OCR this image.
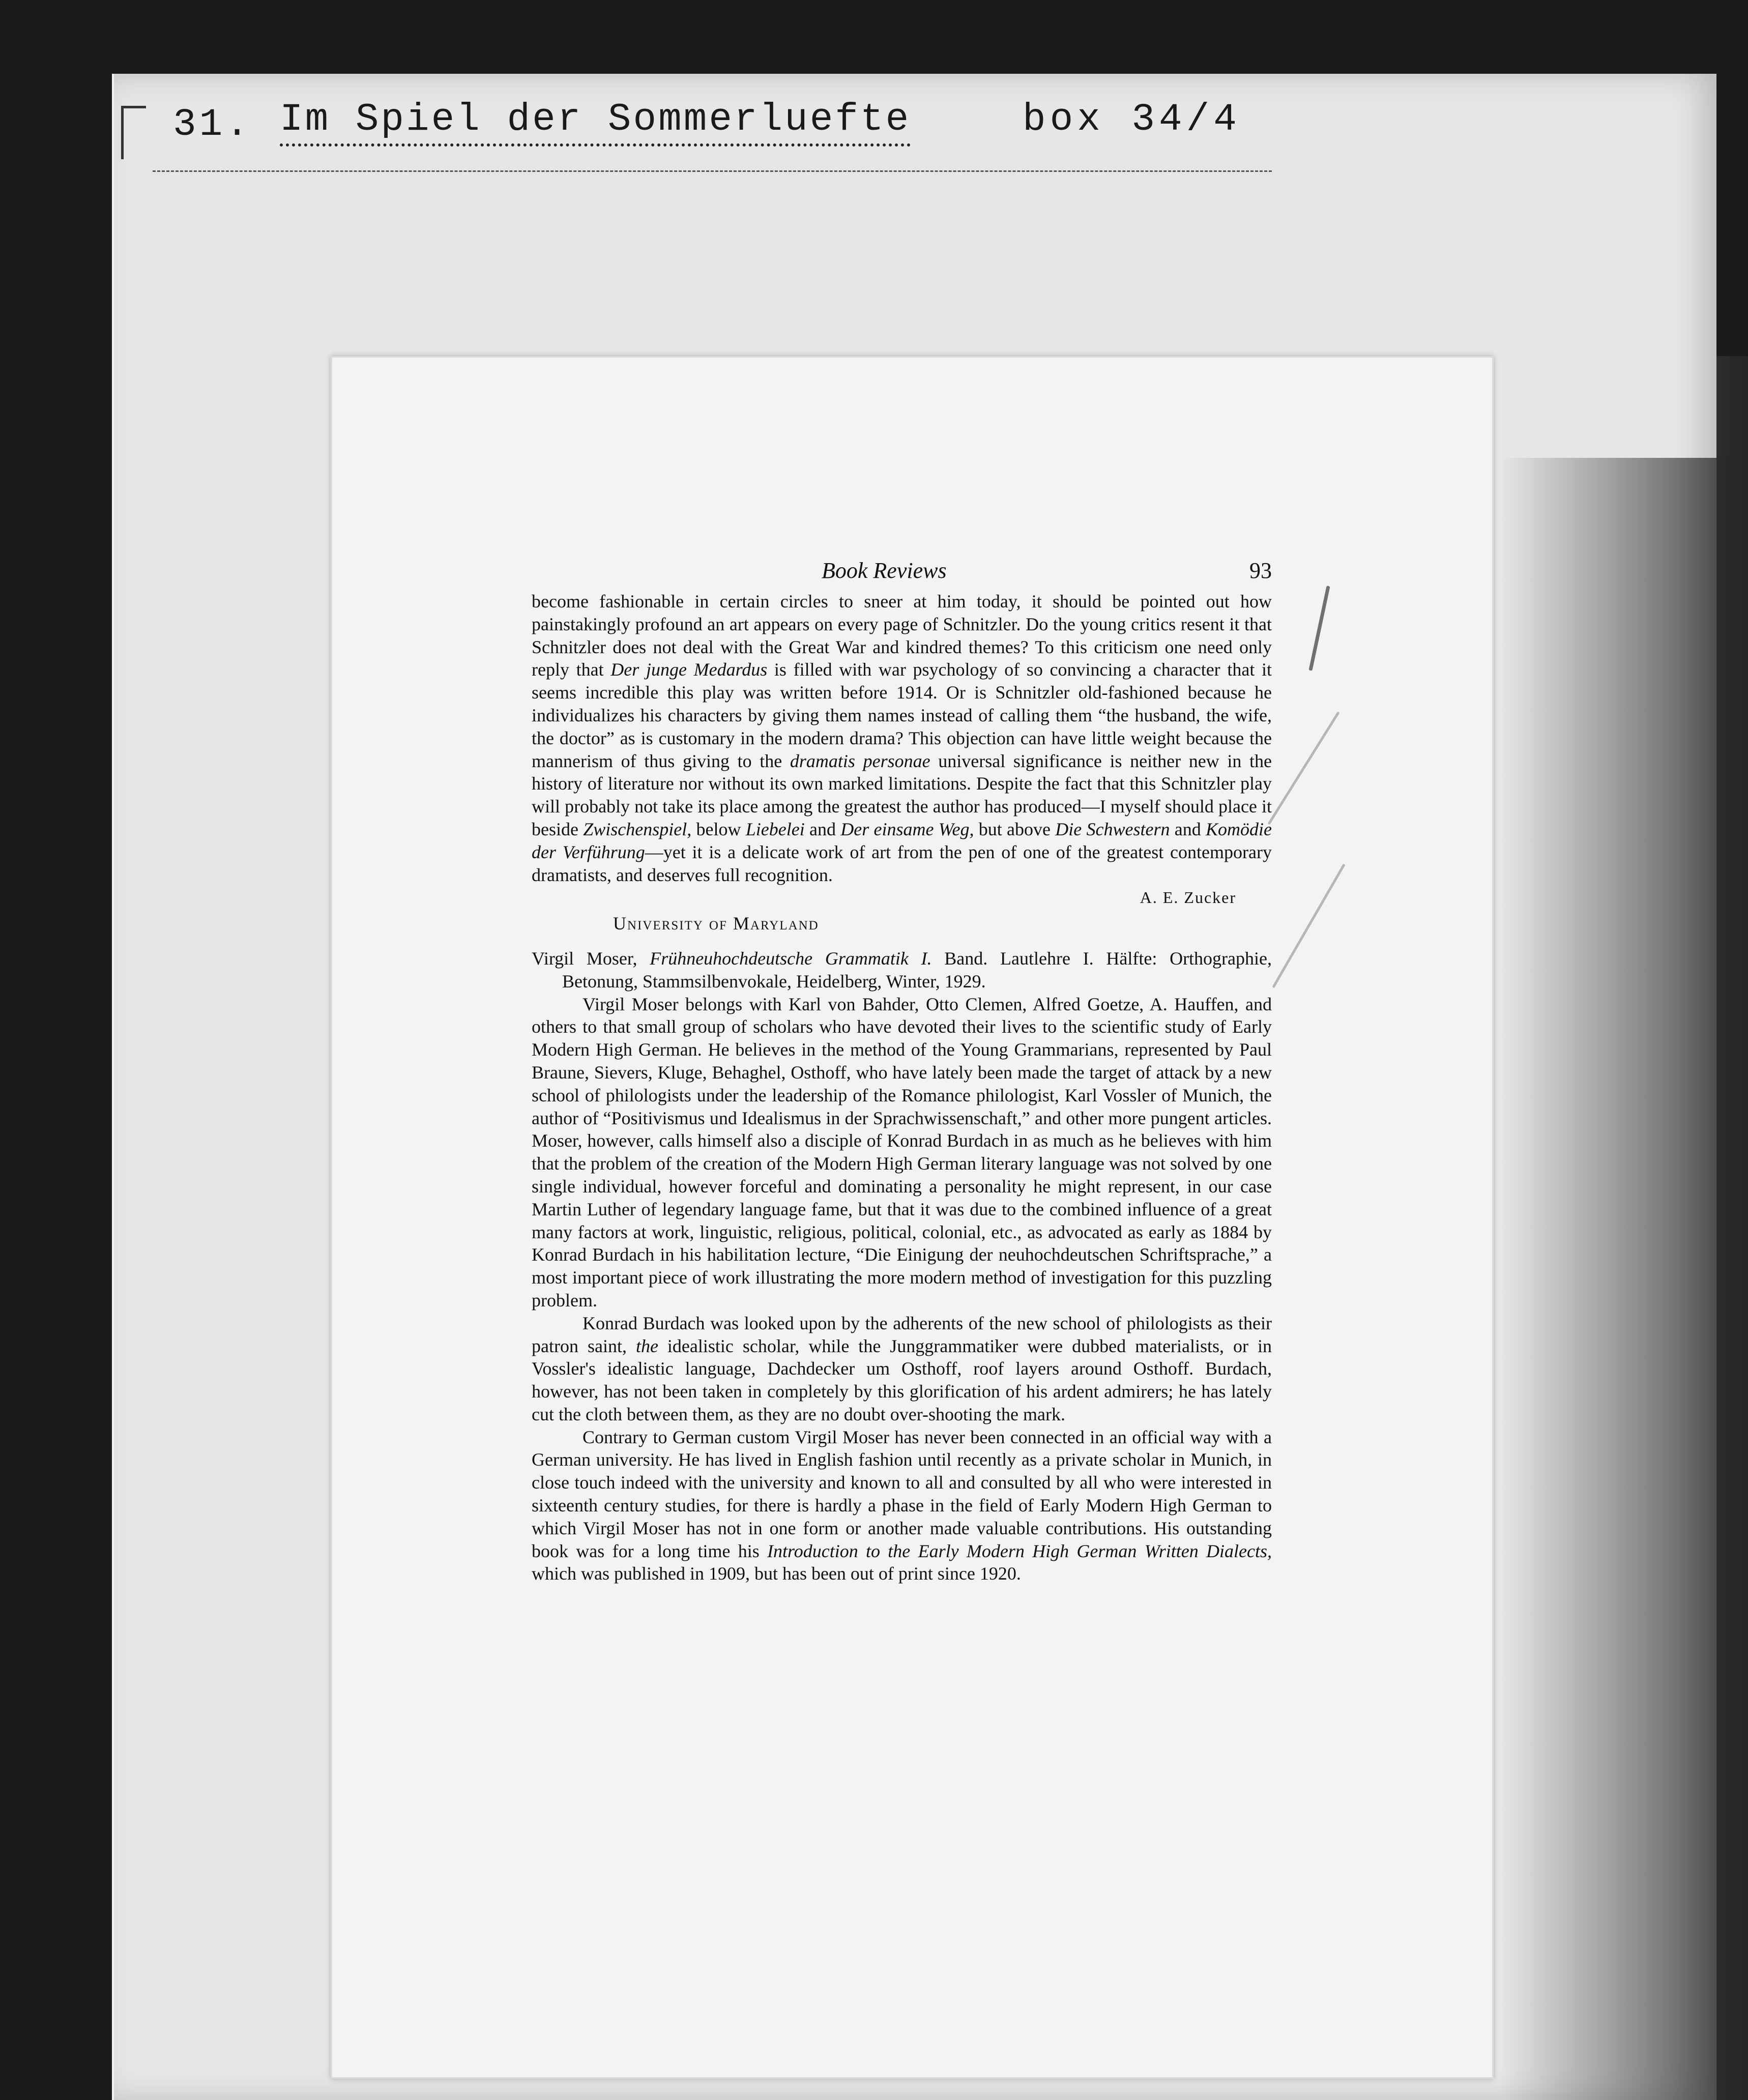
31. Im Spiel der Sommerluefte	box 34/4
Book Reviews	93

become fashionable in certain circles to sneer at him today, it should be pointed out how painstakingly profound an art appears on every page of Schnitzler. Do the young critics resent it that Schnitzler does not deal with the Great War and kindred themes? To this criticism one need only reply that Der junge Medardus is filled with war psychology of so convincing a character that it seems incredible this play was written before 1914. Or is Schnitzler old-fashioned because he individualizes his characters by giving them names instead of calling them “the husband, the wife, the doctor” as is customary in the modern drama? This objection can have little weight because the mannerism of thus giving to the dramatis personae universal significance is neither new in the history of literature nor without its own marked limitations. Despite the fact that this Schnitzler play will probably not take its place among the greatest the author has produced—I myself should place it beside Zwischenspiel, below Liebelei and Der einsame Weg, but above Die Schwestern and Komödie der Verführung—yet it is a delicate work of art from the pen of one of the greatest contemporary dramatists, and deserves full recognition.

A. E. Zucker
University of Maryland

Virgil Moser, Frühneuhochdeutsche Grammatik I. Band. Lautlehre I. Hälfte: Orthographie, Betonung, Stammsilbenvokale, Heidelberg, Winter, 1929.

Virgil Moser belongs with Karl von Bahder, Otto Clemen, Alfred Goetze, A. Hauffen, and others to that small group of scholars who have devoted their lives to the scientific study of Early Modern High German. He believes in the method of the Young Grammarians, represented by Paul Braune, Sievers, Kluge, Behaghel, Osthoff, who have lately been made the target of attack by a new school of philologists under the leadership of the Romance philologist, Karl Vossler of Munich, the author of “Positivismus und Idealismus in der Sprachwissenschaft,” and other more pungent articles. Moser, however, calls himself also a disciple of Konrad Burdach in as much as he believes with him that the problem of the creation of the Modern High German literary language was not solved by one single individual, however forceful and dominating a personality he might represent, in our case Martin Luther of legendary language fame, but that it was due to the combined influence of a great many factors at work, linguistic, religious, political, colonial, etc., as advocated as early as 1884 by Konrad Burdach in his habilitation lecture, “Die Einigung der neuhochdeutschen Schriftsprache,” a most important piece of work illustrating the more modern method of investigation for this puzzling problem.

Konrad Burdach was looked upon by the adherents of the new school of philologists as their patron saint, the idealistic scholar, while the Junggrammatiker were dubbed materialists, or in Vossler's idealistic language, Dachdecker um Osthoff, roof layers around Osthoff. Burdach, however, has not been taken in completely by this glorification of his ardent admirers; he has lately cut the cloth between them, as they are no doubt over-shooting the mark.

Contrary to German custom Virgil Moser has never been connected in an official way with a German university. He has lived in English fashion until recently as a private scholar in Munich, in close touch indeed with the university and known to all and consulted by all who were interested in sixteenth century studies, for there is hardly a phase in the field of Early Modern High German to which Virgil Moser has not in one form or another made valuable contributions. His outstanding book was for a long time his Introduction to the Early Modern High German Written Dialects, which was published in 1909, but has been out of print since 1920.
